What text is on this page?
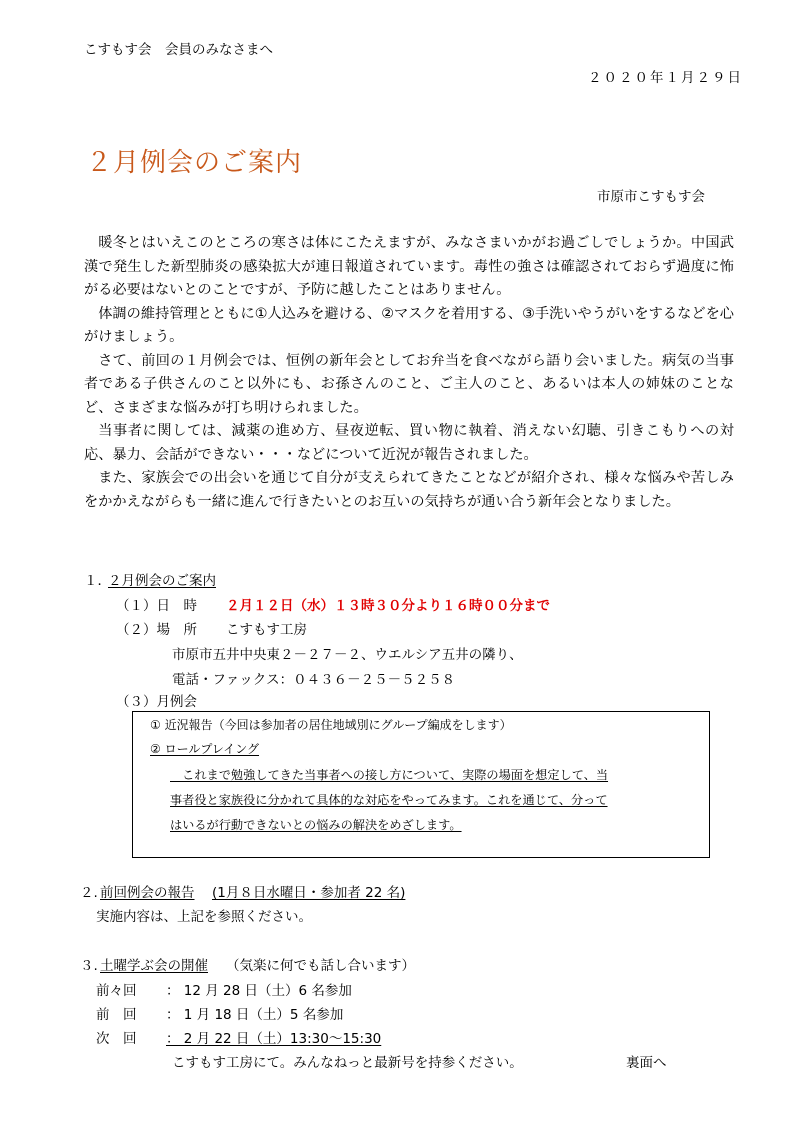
こすもす会　会員のみなさまへ
２０２０年１月２９日
２月例会のご案内
市原市こすもす会

暖冬とはいえこのところの寒さは体にこたえますが、みなさまいかがお過ごしでしょうか。中国武漢で発生した新型肺炎の感染拡大が連日報道されています。毒性の強さは確認されておらず過度に怖がる必要はないとのことですが、予防に越したことはありません。

体調の維持管理とともに①人込みを避ける、②マスクを着用する、③手洗いやうがいをするなどを心がけましょう。

さて、前回の１月例会では、恒例の新年会としてお弁当を食べながら語り会いました。病気の当事者である子供さんのこと以外にも、お孫さんのこと、ご主人のこと、あるいは本人の姉妹のことなど、さまざまな悩みが打ち明けられました。

当事者に関しては、減薬の進め方、昼夜逆転、買い物に執着、消えない幻聴、引きこもりへの対応、暴力、会話ができない・・・などについて近況が報告されました。

また、家族会での出会いを通じて自分が支えられてきたことなどが紹介され、様々な悩みや苦しみをかかえながらも一緒に進んで行きたいとのお互いの気持ちが通い合う新年会となりました。

１．
２月例会のご案内
（１）日　時 ２月１２日（水）１３時３０分より１６時００分まで
（２）場　所 こすもす工房
市原市五井中央東２－２７－２、ウエルシア五井の隣り、
電話・ファックス：０４３６－２５－５２５８
（３）月例会
① 近況報告（今回は参加者の居住地域別にグループ編成をします）
② ロールプレイング
　これまで勉強してきた当事者への接し方について、実際の場面を想定して、当
事者役と家族役に分かれて具体的な対応をやってみます。これを通じて、分って
はいるが行動できないとの悩みの解決をめざします。
２. 前回例会の報告 (1月８日水曜日・参加者 22 名)
実施内容は、上記を参照ください。
３. 土曜学ぶ会の開催 （気楽に何でも話し合います）
前々回 ： 12 月 28 日（土）6 名参加
前　回 ： 1 月 18 日（土）5 名参加
次　回 ： 2 月 22 日（土）13:30～15:30
こすもす工房にて。みんなねっと最新号を持参ください。	裏面へ
